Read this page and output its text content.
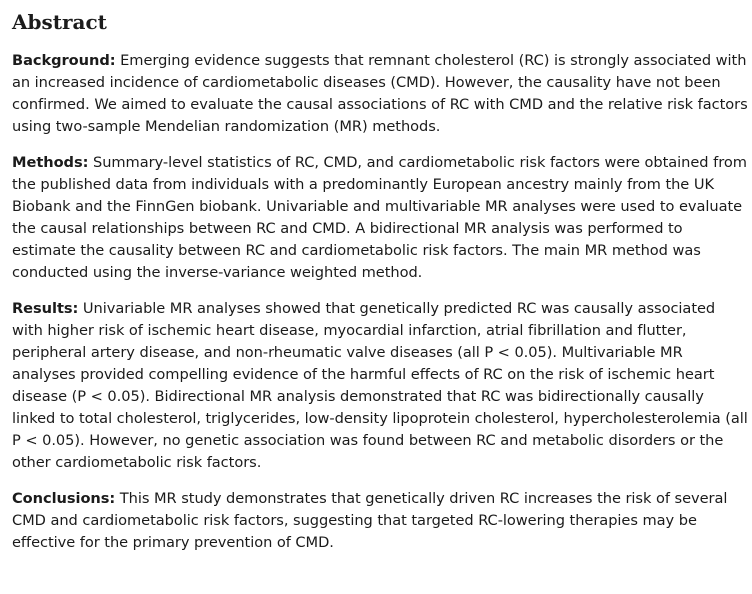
Abstract

Background: Emerging evidence suggests that remnant cholesterol (RC) is strongly associated with an increased incidence of cardiometabolic diseases (CMD). However, the causality have not been confirmed. We aimed to evaluate the causal associations of RC with CMD and the relative risk factors using two-sample Mendelian randomization (MR) methods.

Methods: Summary-level statistics of RC, CMD, and cardiometabolic risk factors were obtained from the published data from individuals with a predominantly European ancestry mainly from the UK Biobank and the FinnGen biobank. Univariable and multivariable MR analyses were used to evaluate the causal relationships between RC and CMD. A bidirectional MR analysis was performed to estimate the causality between RC and cardiometabolic risk factors. The main MR method was conducted using the inverse-variance weighted method.

Results: Univariable MR analyses showed that genetically predicted RC was causally associated with higher risk of ischemic heart disease, myocardial infarction, atrial fibrillation and flutter, peripheral artery disease, and non-rheumatic valve diseases (all P < 0.05). Multivariable MR analyses provided compelling evidence of the harmful effects of RC on the risk of ischemic heart disease (P < 0.05). Bidirectional MR analysis demonstrated that RC was bidirectionally causally linked to total cholesterol, triglycerides, low-density lipoprotein cholesterol, hypercholesterolemia (all P < 0.05). However, no genetic association was found between RC and metabolic disorders or the other cardiometabolic risk factors.

Conclusions: This MR study demonstrates that genetically driven RC increases the risk of several CMD and cardiometabolic risk factors, suggesting that targeted RC-lowering therapies may be effective for the primary prevention of CMD.
